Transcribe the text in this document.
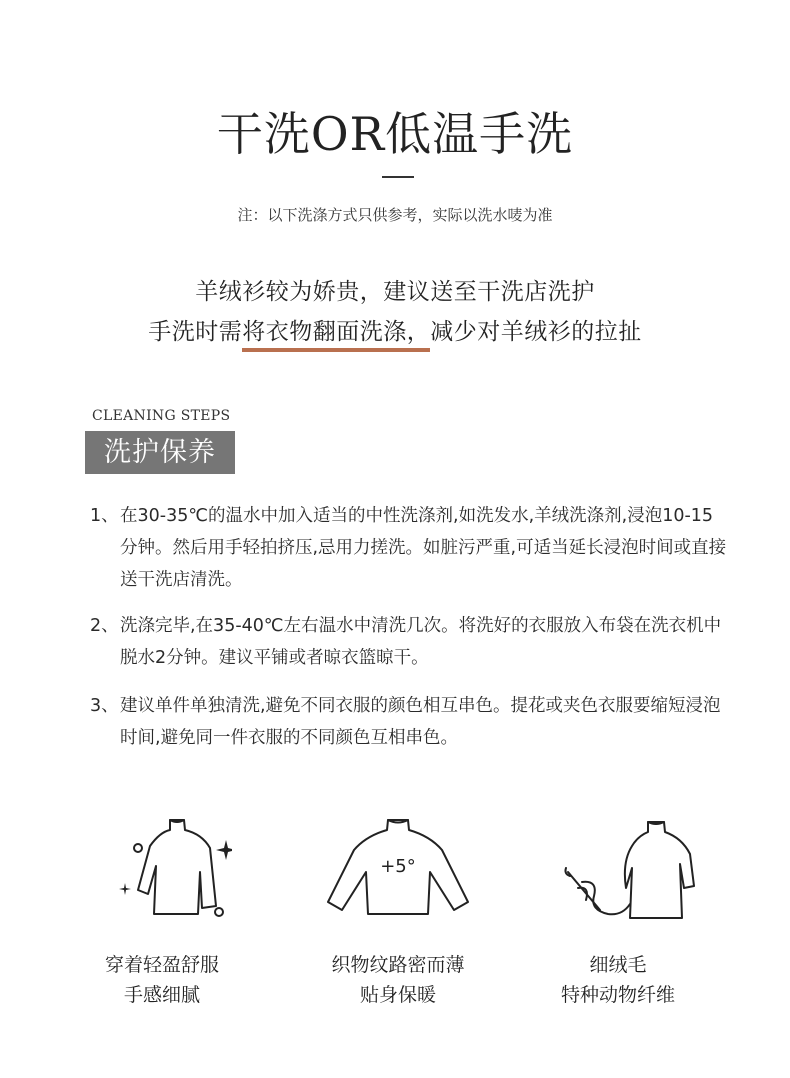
干洗OR低温手洗
注：以下洗涤方式只供参考，实际以洗水唛为准
羊绒衫较为娇贵，建议送至干洗店洗护
手洗时需将衣物翻面洗涤，减少对羊绒衫的拉扯
CLEANING STEPS
洗护保养
1、 在30-35℃的温水中加入适当的中性洗涤剂,如洗发水,羊绒洗涤剂,浸泡10-15分钟。然后用手轻拍挤压,忌用力搓洗。如脏污严重,可适当延长浸泡时间或直接送干洗店清洗。
2、 洗涤完毕,在35-40℃左右温水中清洗几次。将洗好的衣服放入布袋在洗衣机中脱水2分钟。建议平铺或者晾衣篮晾干。
3、 建议单件单独清洗,避免不同衣服的颜色相互串色。提花或夹色衣服要缩短浸泡时间,避免同一件衣服的不同颜色互相串色。
穿着轻盈舒服
手感细腻
+5°
织物纹路密而薄
贴身保暖
细绒毛
特种动物纤维
